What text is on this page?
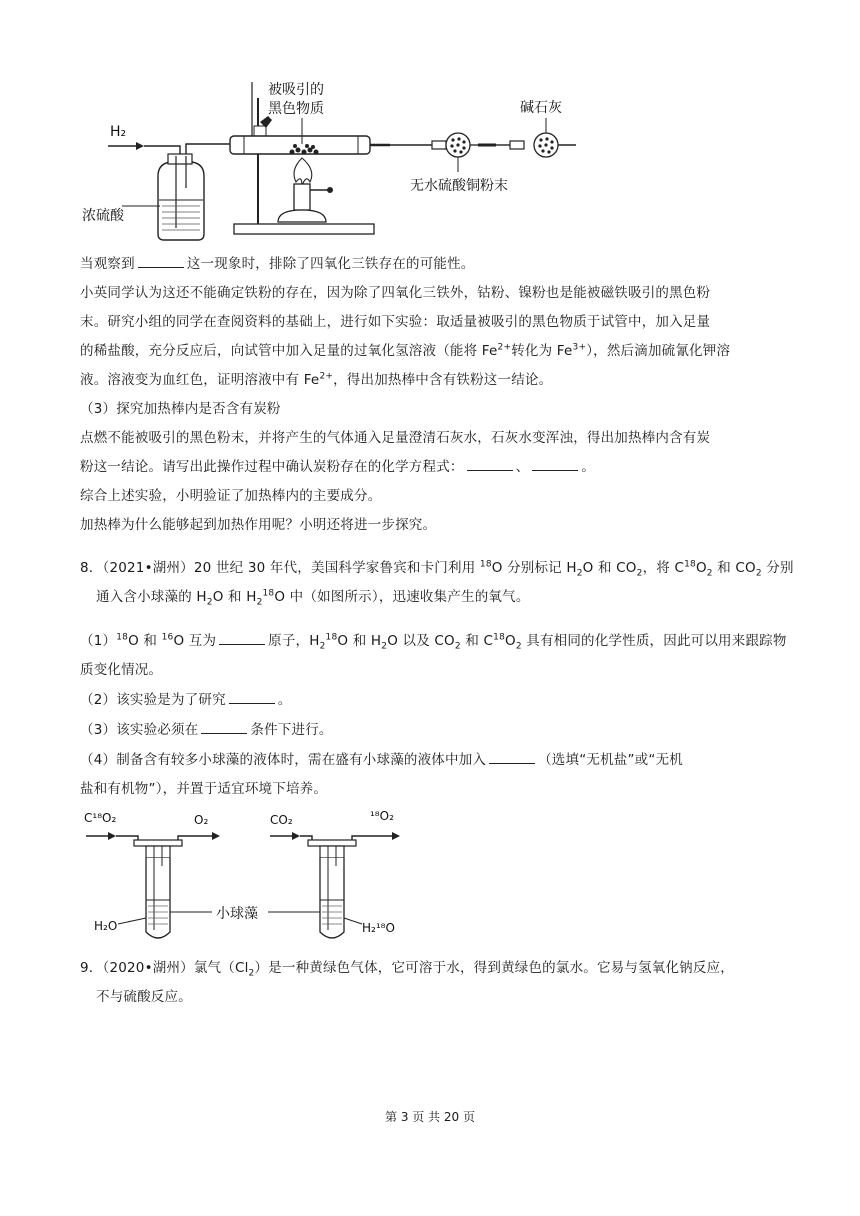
H₂
浓硫酸
无水硫酸铜粉末
碱石灰
被吸引的
黑色物质
当观察到	这一现象时，排除了四氧化三铁存在的可能性。
小英同学认为这还不能确定铁粉的存在，因为除了四氧化三铁外，钴粉、镍粉也是能被磁铁吸引的黑色粉
末。研究小组的同学在查阅资料的基础上，进行如下实验：取适量被吸引的黑色物质于试管中，加入足量
的稀盐酸，充分反应后，向试管中加入足量的过氧化氢溶液（能将 $Fe^{2+}$转化为 $Fe^{3+}$），然后滴加硫氰化钾溶
液。溶液变为血红色，证明溶液中有 $Fe^{2+}$，得出加热棒中含有铁粉这一结论。
（3）探究加热棒内是否含有炭粉
点燃不能被吸引的黑色粉末，并将产生的气体通入足量澄清石灰水，石灰水变浑浊，得出加热棒内含有炭
粉这一结论。请写出此操作过程中确认炭粉存在的化学方程式：	、	。
综合上述实验，小明验证了加热棒内的主要成分。
加热棒为什么能够起到加热作用呢？小明还将进一步探究。
8．（2021•湖州）20 世纪 30 年代，美国科学家鲁宾和卡门利用 $^{18}$O 分别标记 $H_2O$ 和 $CO_2$，将 $C^{18}O_2$ 和 $CO_2$ 分别
通入含小球藻的 $H_2O$ 和 $H_2^{18}O$ 中（如图所示），迅速收集产生的氧气。
$(1)^{18}O$ 和 $^{16}$O 互为	原子，$H_2^{18}O$ 和 $H_2O$ 以及 $CO_2$ 和 $C^{18}O_2$ 具有相同的化学性质，因此可以用来跟踪物
质变化情况。
（2）该实验是为了研究	。
（3）该实验必须在	条件下进行。
（4）制备含有较多小球藻的液体时，需在盛有小球藻的液体中加入	（选填“无机盐”或“无机
盐和有机物”），并置于适宜环境下培养。
C¹⁸O₂	O₂
H₂O
小球藻
CO₂	¹⁸O₂
H₂¹⁸O
9．（2020•湖州）氯气$(Cl_2)$是一种黄绿色气体，它可溶于水，得到黄绿色的氯水。它易与氢氧化钠反应，
不与硫酸反应。
第 3 页 共 20 页
